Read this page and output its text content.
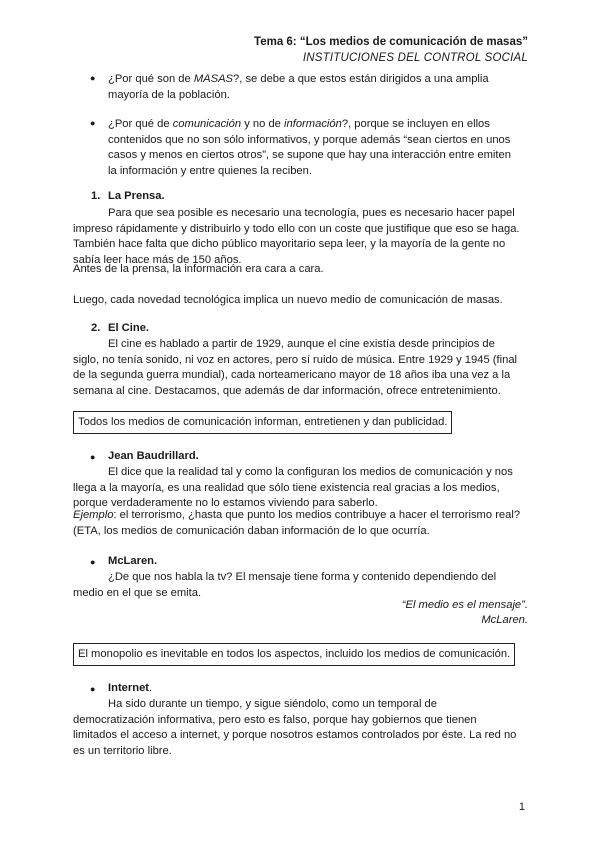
Tema 6: “Los medios de comunicación de masas”
INSTITUCIONES DEL CONTROL SOCIAL
● ¿Por qué son de MASAS?, se debe a que estos están dirigidos a una amplia mayoría de la población.
● ¿Por qué de comunicación y no de información?, porque se incluyen en ellos contenidos que no son sólo informativos, y porque además “sean ciertos en unos casos y menos en ciertos otros”, se supone que hay una interacción entre emiten la información y entre quienes la reciben.
1. La Prensa.
Para que sea posible es necesario una tecnología, pues es necesario hacer papel impreso rápidamente y distribuirlo y todo ello con un coste que justifique que eso se haga. También hace falta que dicho público mayoritario sepa leer, y la mayoría de la gente no sabía leer hace más de 150 años.
Antes de la prensa, la información era cara a cara.
Luego, cada novedad tecnológica implica un nuevo medio de comunicación de masas.
2. El Cine.
El cine es hablado a partir de 1929, aunque el cine existía desde principios de siglo, no tenía sonido, ni voz en actores, pero sí ruido de música. Entre 1929 y 1945 (final de la segunda guerra mundial), cada norteamericano mayor de 18 años iba una vez a la semana al cine. Destacamos, que además de dar información, ofrece entretenimiento.
Todos los medios de comunicación informan, entretienen y dan publicidad.
● Jean Baudrillard.
El dice que la realidad tal y como la configuran los medios de comunicación y nos llega a la mayoría, es una realidad que sólo tiene existencia real gracias a los medios, porque verdaderamente no lo estamos viviendo para saberlo.
Ejemplo: el terrorismo, ¿hasta que punto los medios contribuye a hacer el terrorismo real? (ETA, los medios de comunicación daban información de lo que ocurría.
● McLaren.
¿De que nos habla la tv? El mensaje tiene forma y contenido dependiendo del medio en el que se emita.
“El medio es el mensaje”.
McLaren.
El monopolio es inevitable en todos los aspectos, incluido los medios de comunicación.
● Internet.
Ha sido durante un tiempo, y sigue siéndolo, como un temporal de democratización informativa, pero esto es falso, porque hay gobiernos que tienen limitados el acceso a internet, y porque nosotros estamos controlados por éste. La red no es un territorio libre.
1
